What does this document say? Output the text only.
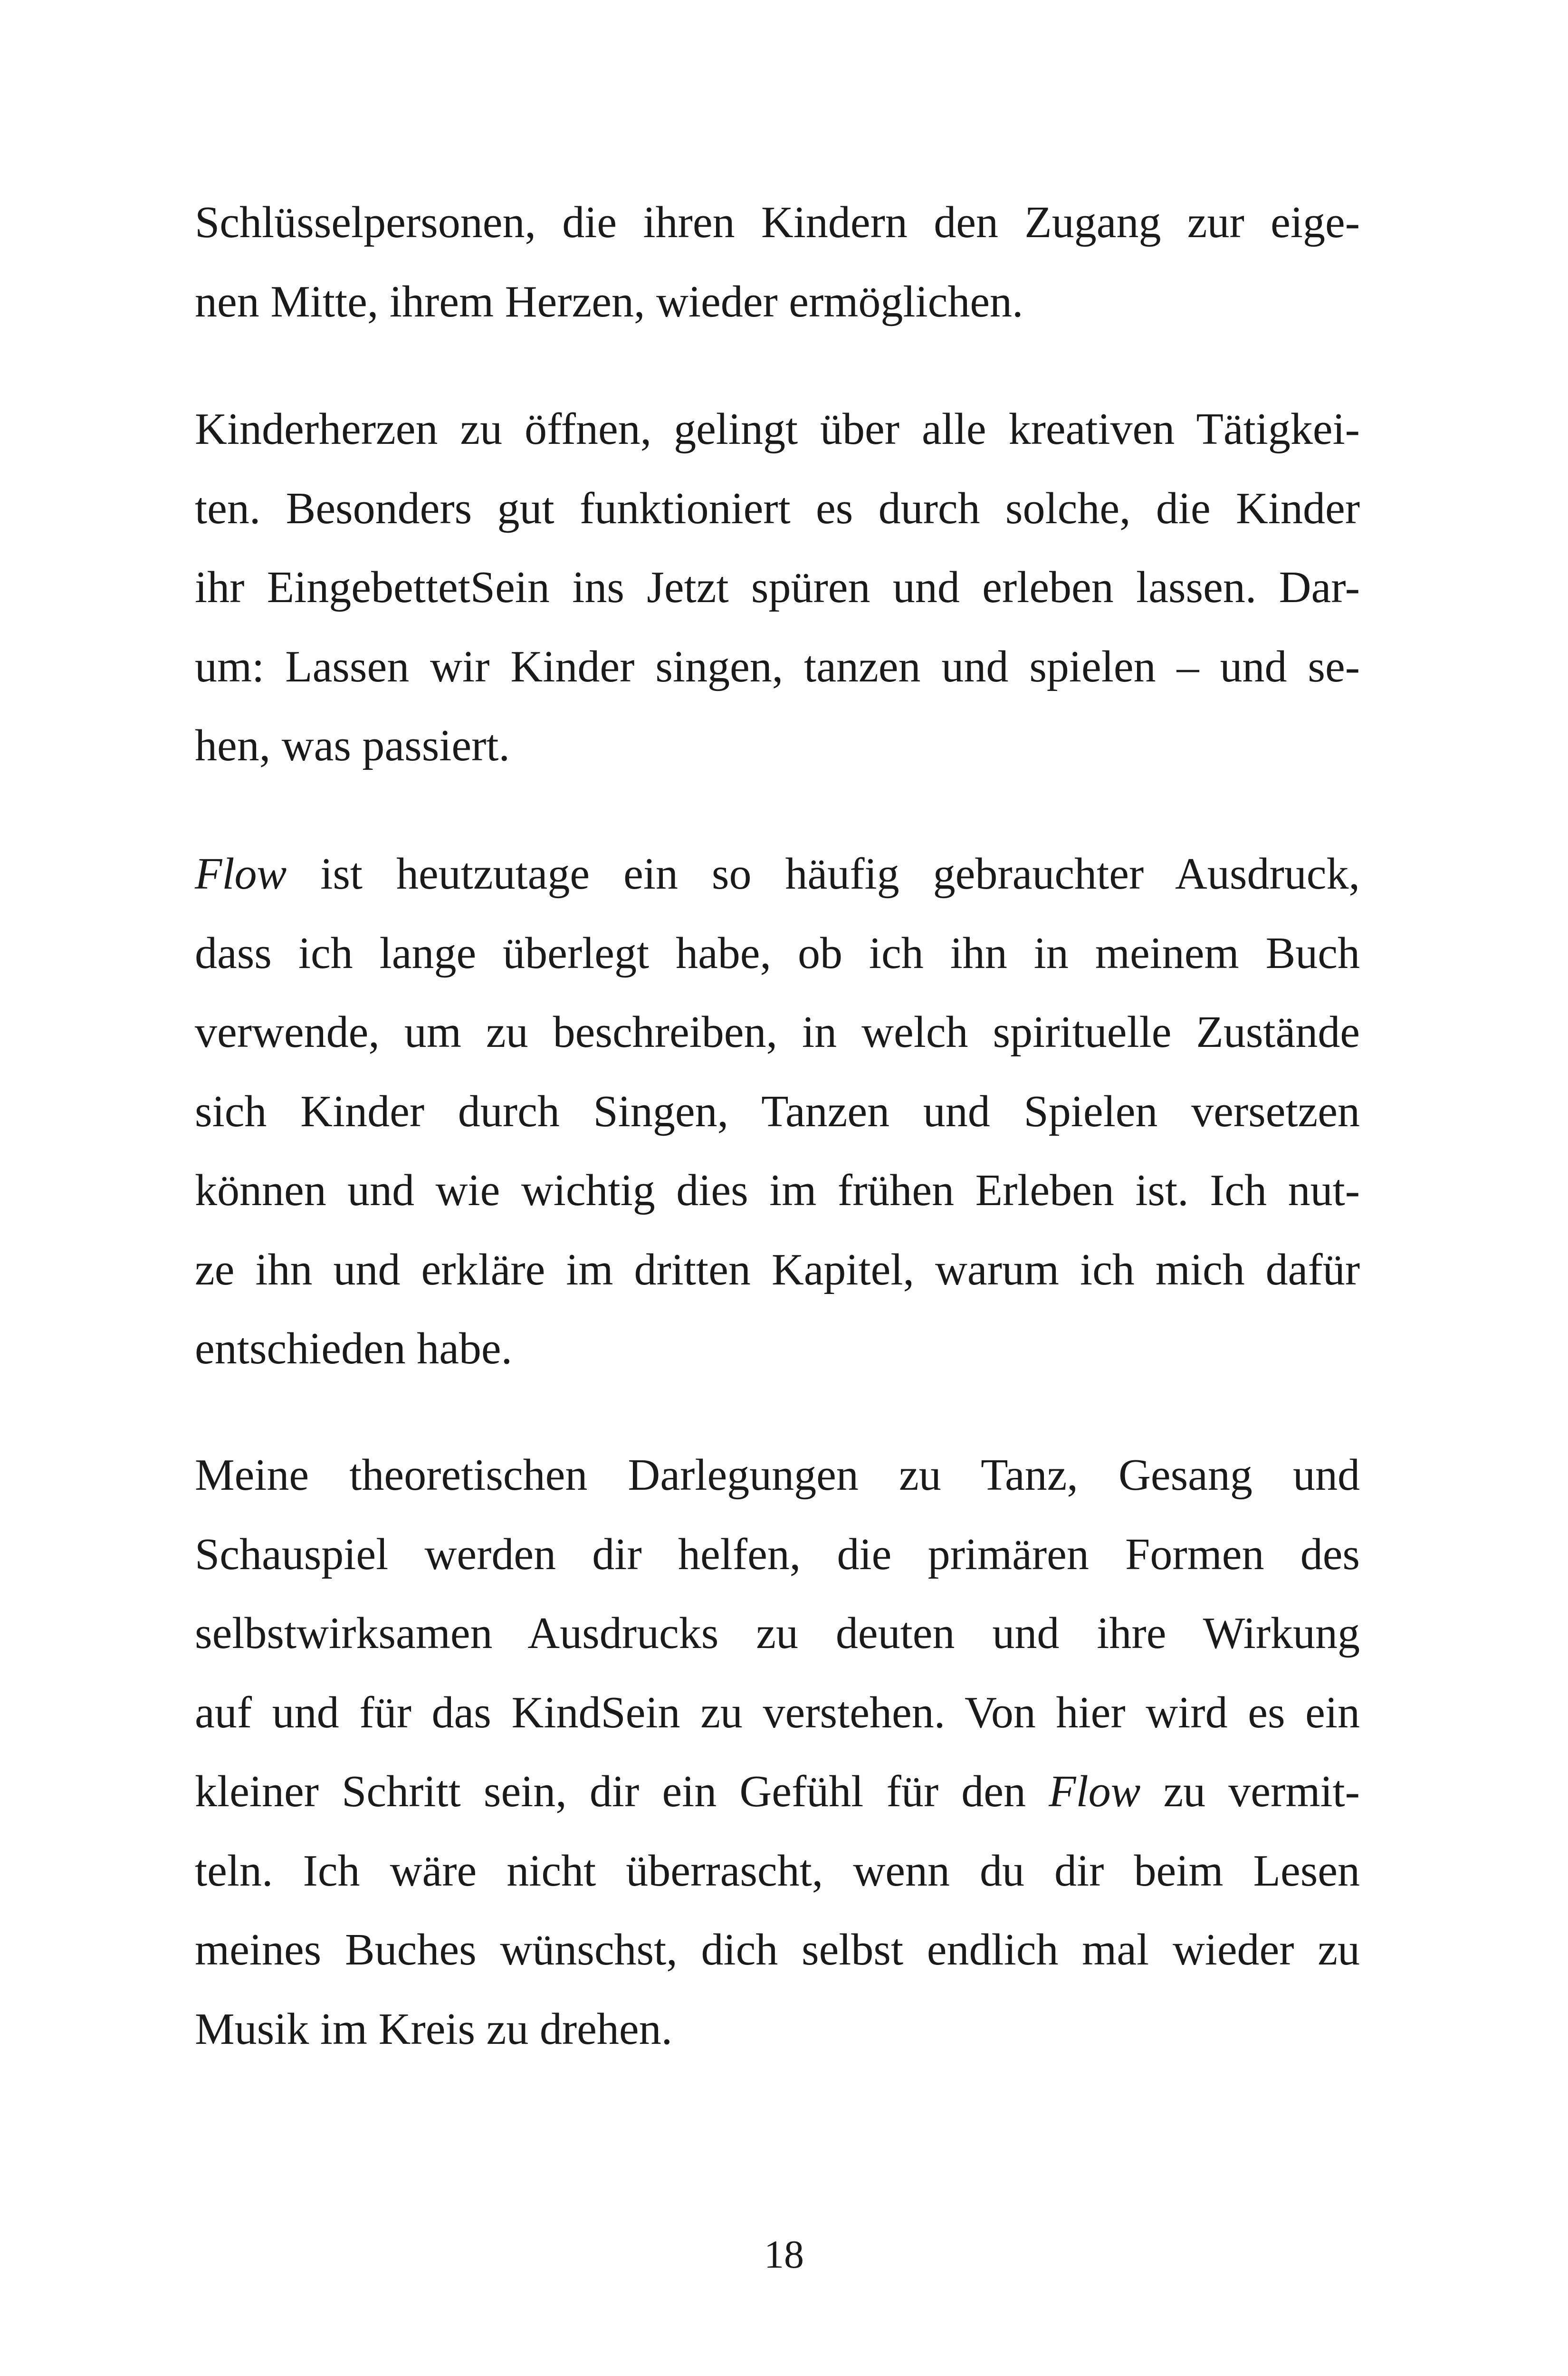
Schlüsselpersonen, die ihren Kindern den Zugang zur eige-
nen Mitte, ihrem Herzen, wieder ermöglichen.
Kinderherzen zu öffnen, gelingt über alle kreativen Tätigkei-
ten. Besonders gut funktioniert es durch solche, die Kinder
ihr EingebettetSein ins Jetzt spüren und erleben lassen. Dar-
um: Lassen wir Kinder singen, tanzen und spielen – und se-
hen, was passiert.
Flow ist heutzutage ein so häufig gebrauchter Ausdruck,
dass ich lange überlegt habe, ob ich ihn in meinem Buch
verwende, um zu beschreiben, in welch spirituelle Zustände
sich Kinder durch Singen, Tanzen und Spielen versetzen
können und wie wichtig dies im frühen Erleben ist. Ich nut-
ze ihn und erkläre im dritten Kapitel, warum ich mich dafür
entschieden habe.
Meine theoretischen Darlegungen zu Tanz, Gesang und
Schauspiel werden dir helfen, die primären Formen des
selbstwirksamen Ausdrucks zu deuten und ihre Wirkung
auf und für das KindSein zu verstehen. Von hier wird es ein
kleiner Schritt sein, dir ein Gefühl für den Flow zu vermit-
teln. Ich wäre nicht überrascht, wenn du dir beim Lesen
meines Buches wünschst, dich selbst endlich mal wieder zu
Musik im Kreis zu drehen.
18
